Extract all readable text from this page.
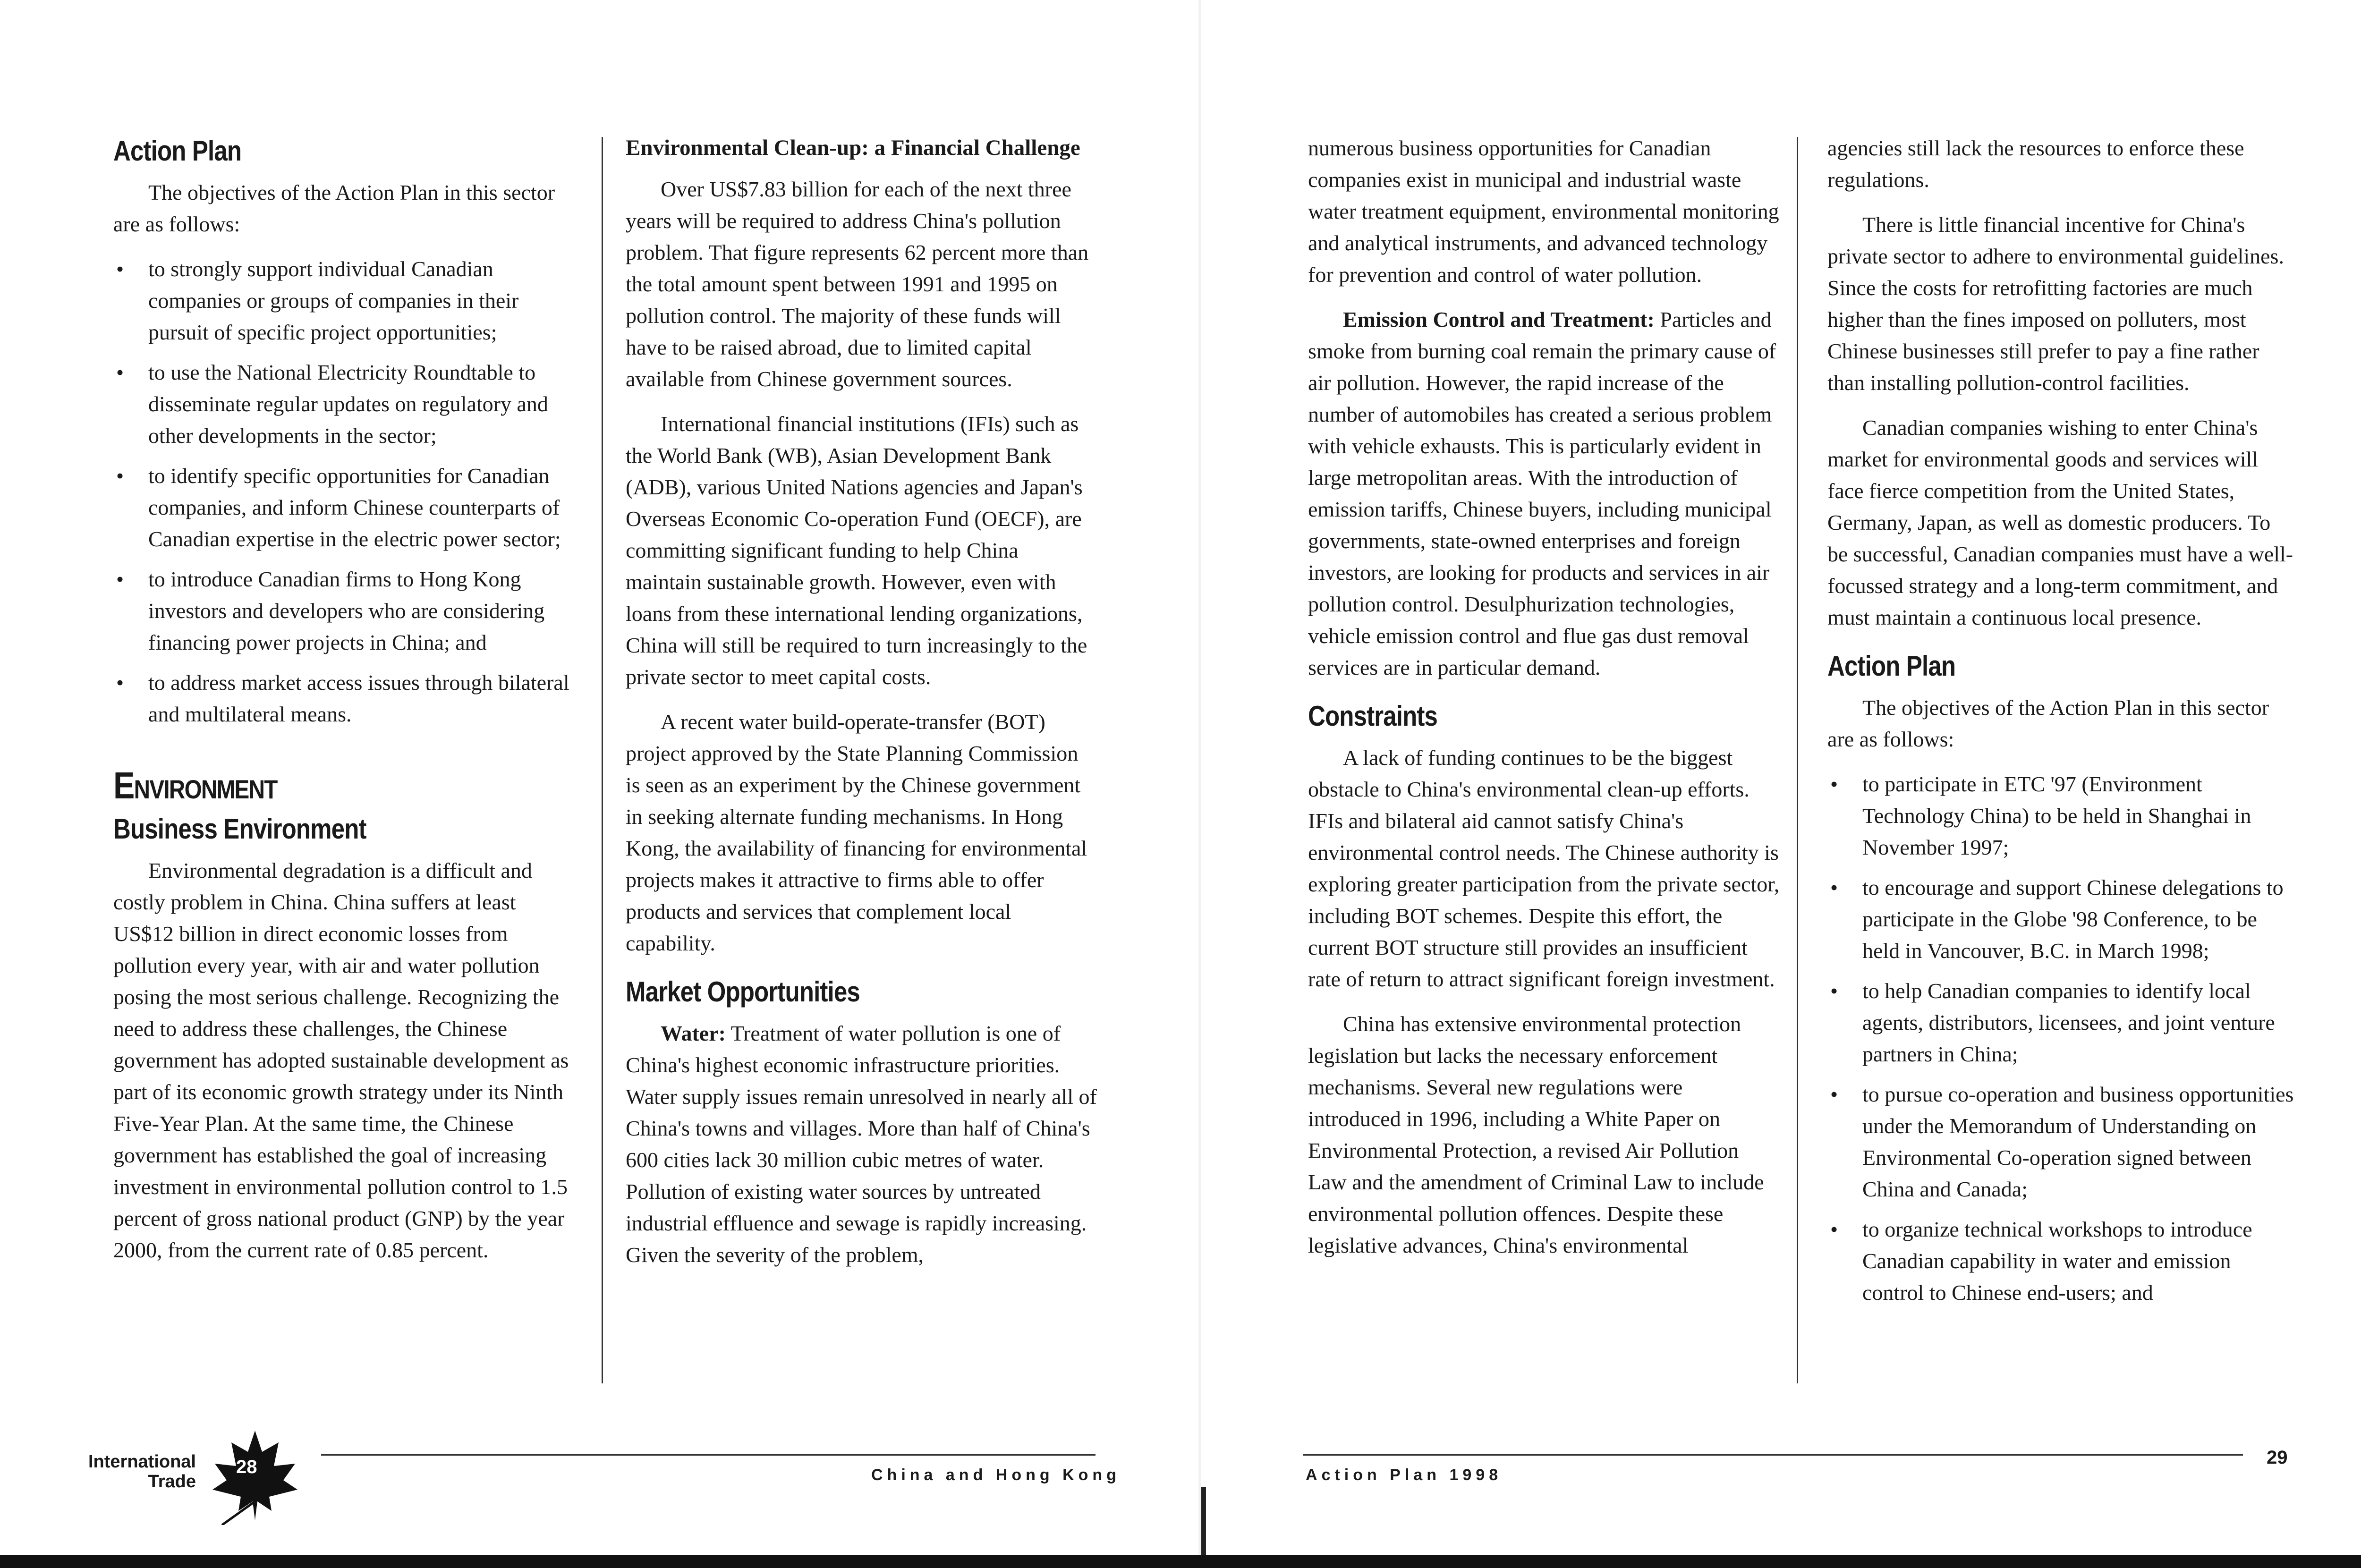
Action Plan

The objectives of the Action Plan in this sector are as follows:

• to strongly support individual Canadian companies or groups of companies in their pursuit of specific project opportunities;
• to use the National Electricity Roundtable to disseminate regular updates on regulatory and other developments in the sector;
• to identify specific opportunities for Canadian companies, and inform Chinese counterparts of Canadian expertise in the electric power sector;
• to introduce Canadian firms to Hong Kong investors and developers who are considering financing power projects in China; and
• to address market access issues through bilateral and multilateral means.
Environment
Business Environment

Environmental degradation is a difficult and costly problem in China. China suffers at least US$12 billion in direct economic losses from pollution every year, with air and water pollution posing the most serious challenge. Recognizing the need to address these challenges, the Chinese government has adopted sustainable development as part of its economic growth strategy under its Ninth Five-Year Plan. At the same time, the Chinese government has established the goal of increasing investment in environmental pollution control to 1.5 percent of gross national product (GNP) by the year 2000, from the current rate of 0.85 percent.

Environmental Clean-up: a Financial Challenge

Over US$7.83 billion for each of the next three years will be required to address China's pollution problem. That figure represents 62 percent more than the total amount spent between 1991 and 1995 on pollution control. The majority of these funds will have to be raised abroad, due to limited capital available from Chinese government sources.

International financial institutions (IFIs) such as the World Bank (WB), Asian Development Bank (ADB), various United Nations agencies and Japan's Overseas Economic Co-operation Fund (OECF), are committing significant funding to help China maintain sustainable growth. However, even with loans from these international lending organizations, China will still be required to turn increasingly to the private sector to meet capital costs.

A recent water build-operate-transfer (BOT) project approved by the State Planning Commission is seen as an experiment by the Chinese government in seeking alternate funding mechanisms. In Hong Kong, the availability of financing for environmental projects makes it attractive to firms able to offer products and services that complement local capability.

Market Opportunities

Water: Treatment of water pollution is one of China's highest economic infrastructure priorities. Water supply issues remain unresolved in nearly all of China's towns and villages. More than half of China's 600 cities lack 30 million cubic metres of water. Pollution of existing water sources by untreated industrial effluence and sewage is rapidly increasing. Given the severity of the problem,

International
Trade
28	China and Hong Kong

numerous business opportunities for Canadian companies exist in municipal and industrial waste water treatment equipment, environmental monitoring and analytical instruments, and advanced technology for prevention and control of water pollution.

Emission Control and Treatment: Particles and smoke from burning coal remain the primary cause of air pollution. However, the rapid increase of the number of automobiles has created a serious problem with vehicle exhausts. This is particularly evident in large metropolitan areas. With the introduction of emission tariffs, Chinese buyers, including municipal governments, state-owned enterprises and foreign investors, are looking for products and services in air pollution control. Desulphurization technologies, vehicle emission control and flue gas dust removal services are in particular demand.

Constraints

A lack of funding continues to be the biggest obstacle to China's environmental clean-up efforts. IFIs and bilateral aid cannot satisfy China's environmental control needs. The Chinese authority is exploring greater participation from the private sector, including BOT schemes. Despite this effort, the current BOT structure still provides an insufficient rate of return to attract significant foreign investment.

China has extensive environmental protection legislation but lacks the necessary enforcement mechanisms. Several new regulations were introduced in 1996, including a White Paper on Environmental Protection, a revised Air Pollution Law and the amendment of Criminal Law to include environmental pollution offences. Despite these legislative advances, China's environmental

agencies still lack the resources to enforce these regulations.

There is little financial incentive for China's private sector to adhere to environmental guidelines. Since the costs for retrofitting factories are much higher than the fines imposed on polluters, most Chinese businesses still prefer to pay a fine rather than installing pollution-control facilities.

Canadian companies wishing to enter China's market for environmental goods and services will face fierce competition from the United States, Germany, Japan, as well as domestic producers. To be successful, Canadian companies must have a well-focussed strategy and a long-term commitment, and must maintain a continuous local presence.

Action Plan

The objectives of the Action Plan in this sector are as follows:

• to participate in ETC '97 (Environment Technology China) to be held in Shanghai in November 1997;
• to encourage and support Chinese delegations to participate in the Globe '98 Conference, to be held in Vancouver, B.C. in March 1998;
• to help Canadian companies to identify local agents, distributors, licensees, and joint venture partners in China;
• to pursue co-operation and business opportunities under the Memorandum of Understanding on Environmental Co-operation signed between China and Canada;
• to organize technical workshops to introduce Canadian capability in water and emission control to Chinese end-users; and
Action Plan 1998
29
